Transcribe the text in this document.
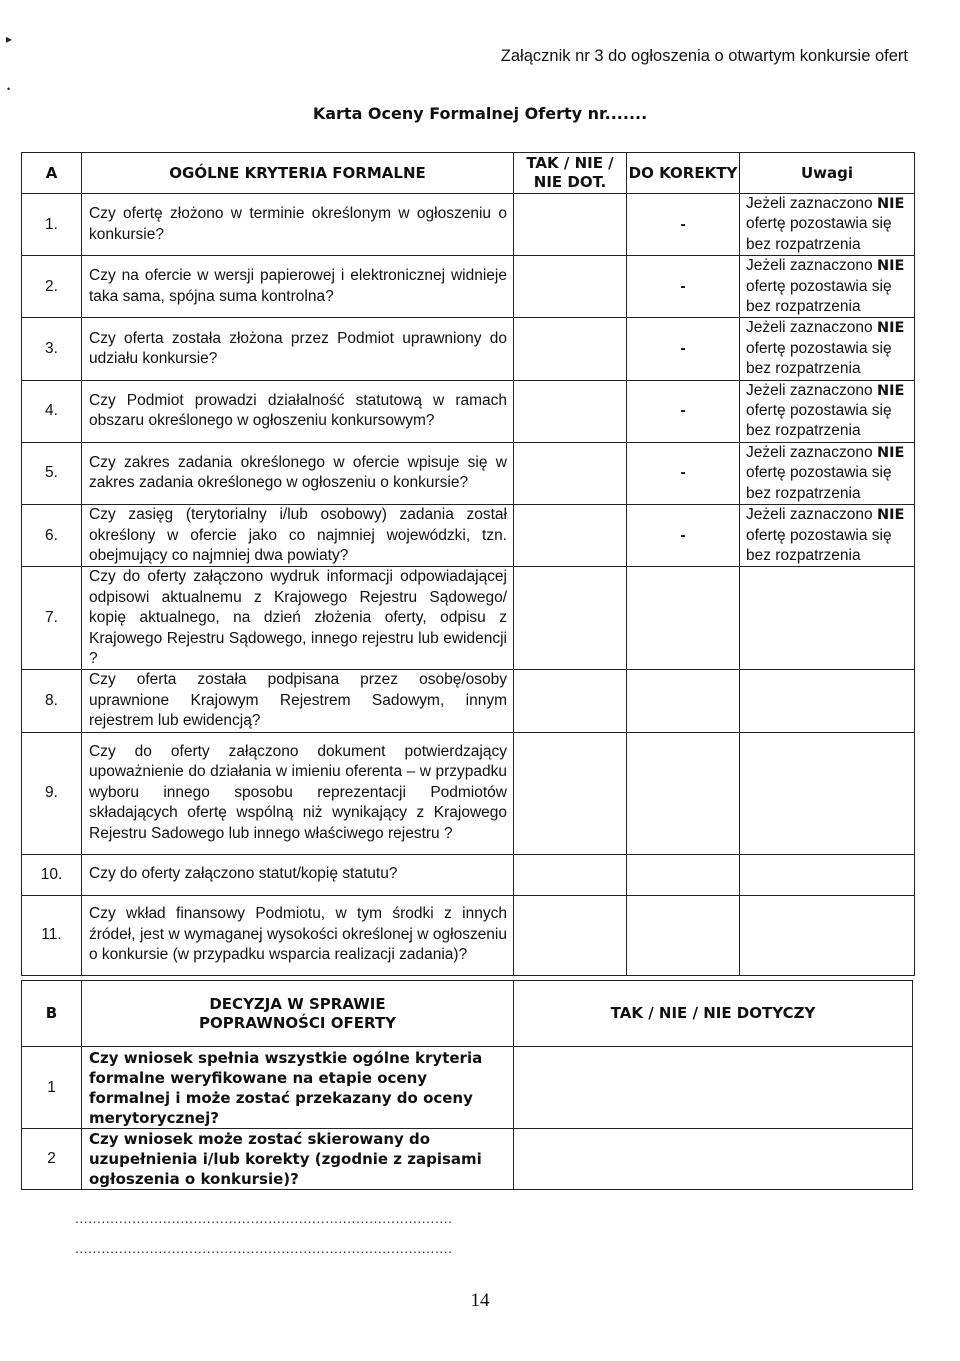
▸
•
Załącznik nr 3 do ogłoszenia o otwartym konkursie ofert
Karta Oceny Formalnej Oferty nr.......
A	OGÓLNE KRYTERIA FORMALNE	TAK / NIE / NIE DOT.	DO KOREKTY	Uwagi
1.	Czy ofertę złożono w terminie określonym w ogłoszeniu o konkursie?		-	Jeżeli zaznaczono NIE ofertę pozostawia się bez rozpatrzenia
2.	Czy na ofercie w wersji papierowej i elektronicznej widnieje taka sama, spójna suma kontrolna?		-	Jeżeli zaznaczono NIE ofertę pozostawia się bez rozpatrzenia
3.	Czy oferta została złożona przez Podmiot uprawniony do udziału konkursie?		-	Jeżeli zaznaczono NIE ofertę pozostawia się bez rozpatrzenia
4.	Czy Podmiot prowadzi działalność statutową w ramach obszaru określonego w ogłoszeniu konkursowym?		-	Jeżeli zaznaczono NIE ofertę pozostawia się bez rozpatrzenia
5.	Czy zakres zadania określonego w ofercie wpisuje się w zakres zadania określonego w ogłoszeniu o konkursie?		-	Jeżeli zaznaczono NIE ofertę pozostawia się bez rozpatrzenia
6.	Czy zasięg (terytorialny i/lub osobowy) zadania został określony w ofercie jako co najmniej wojewódzki, tzn. obejmujący co najmniej dwa powiaty?		-	Jeżeli zaznaczono NIE ofertę pozostawia się bez rozpatrzenia
7.	Czy do oferty załączono wydruk informacji odpowiadającej odpisowi aktualnemu z Krajowego Rejestru Sądowego/ kopię aktualnego, na dzień złożenia oferty, odpisu z Krajowego Rejestru Sądowego, innego rejestru lub ewidencji ?			
8.	Czy oferta została podpisana przez osobę/osoby uprawnione Krajowym Rejestrem Sadowym, innym rejestrem lub ewidencją?			
9.	Czy do oferty załączono dokument potwierdzający upoważnienie do działania w imieniu oferenta – w przypadku wyboru innego sposobu reprezentacji Podmiotów składających ofertę wspólną niż wynikający z Krajowego Rejestru Sadowego lub innego właściwego rejestru ?			
10.	Czy do oferty załączono statut/kopię statutu?			
11.	Czy wkład finansowy Podmiotu, w tym środki z innych źródeł, jest w wymaganej wysokości określonej w ogłoszeniu o konkursie (w przypadku wsparcia realizacji zadania)?			
B	DECYZJA W SPRAWIE POPRAWNOŚCI OFERTY	TAK / NIE / NIE DOTYCZY
1	Czy wniosek spełnia wszystkie ogólne kryteria formalne weryfikowane na etapie oceny formalnej i może zostać przekazany do oceny merytorycznej?	
2	Czy wniosek może zostać skierowany do uzupełnienia i/lub korekty (zgodnie z zapisami ogłoszenia o konkursie)?	
......................................................................................
......................................................................................
14
